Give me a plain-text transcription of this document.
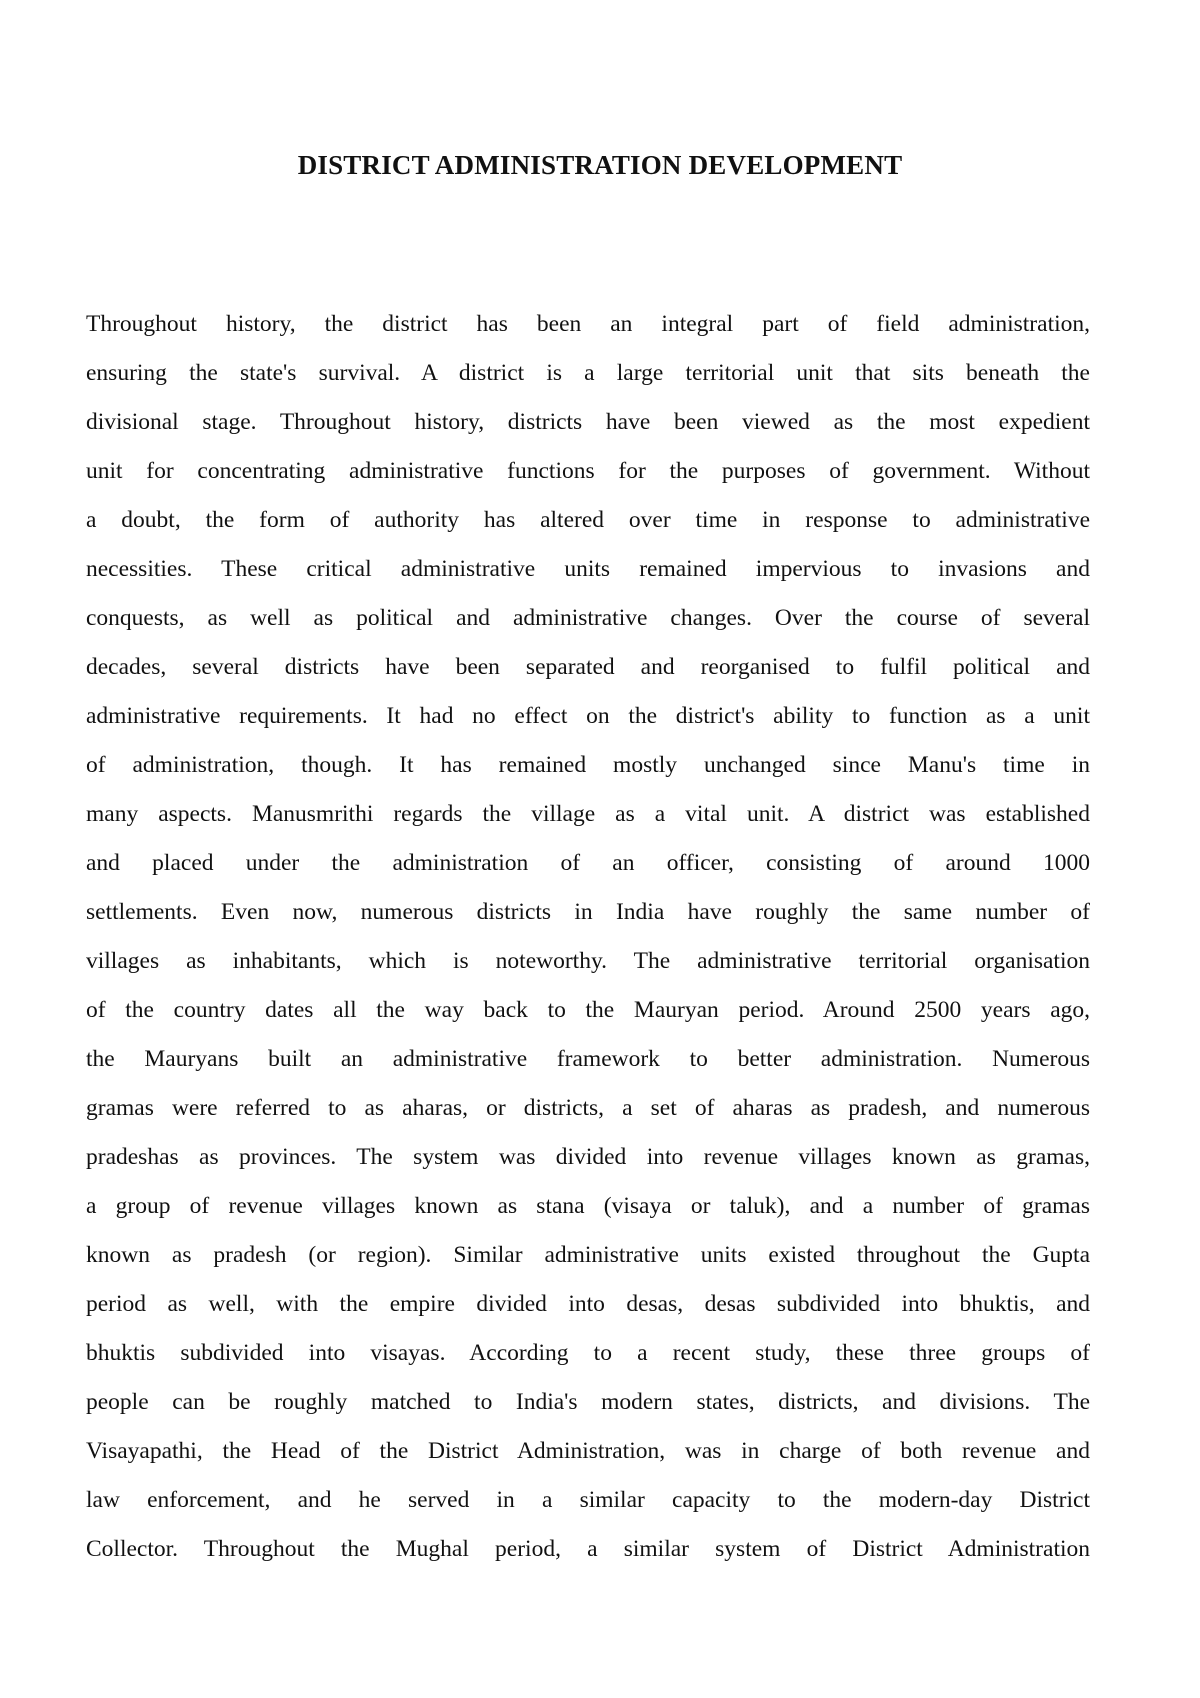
DISTRICT ADMINISTRATION DEVELOPMENT
Throughout history, the district has been an integral part of field administration,
ensuring the state's survival. A district is a large territorial unit that sits beneath the
divisional stage. Throughout history, districts have been viewed as the most expedient
unit for concentrating administrative functions for the purposes of government. Without
a doubt, the form of authority has altered over time in response to administrative
necessities. These critical administrative units remained impervious to invasions and
conquests, as well as political and administrative changes. Over the course of several
decades, several districts have been separated and reorganised to fulfil political and
administrative requirements. It had no effect on the district's ability to function as a unit
of administration, though. It has remained mostly unchanged since Manu's time in
many aspects. Manusmrithi regards the village as a vital unit. A district was established
and placed under the administration of an officer, consisting of around 1000
settlements. Even now, numerous districts in India have roughly the same number of
villages as inhabitants, which is noteworthy. The administrative territorial organisation
of the country dates all the way back to the Mauryan period. Around 2500 years ago,
the Mauryans built an administrative framework to better administration. Numerous
gramas were referred to as aharas, or districts, a set of aharas as pradesh, and numerous
pradeshas as provinces. The system was divided into revenue villages known as gramas,
a group of revenue villages known as stana (visaya or taluk), and a number of gramas
known as pradesh (or region). Similar administrative units existed throughout the Gupta
period as well, with the empire divided into desas, desas subdivided into bhuktis, and
bhuktis subdivided into visayas. According to a recent study, these three groups of
people can be roughly matched to India's modern states, districts, and divisions. The
Visayapathi, the Head of the District Administration, was in charge of both revenue and
law enforcement, and he served in a similar capacity to the modern-day District
Collector. Throughout the Mughal period, a similar system of District Administration
